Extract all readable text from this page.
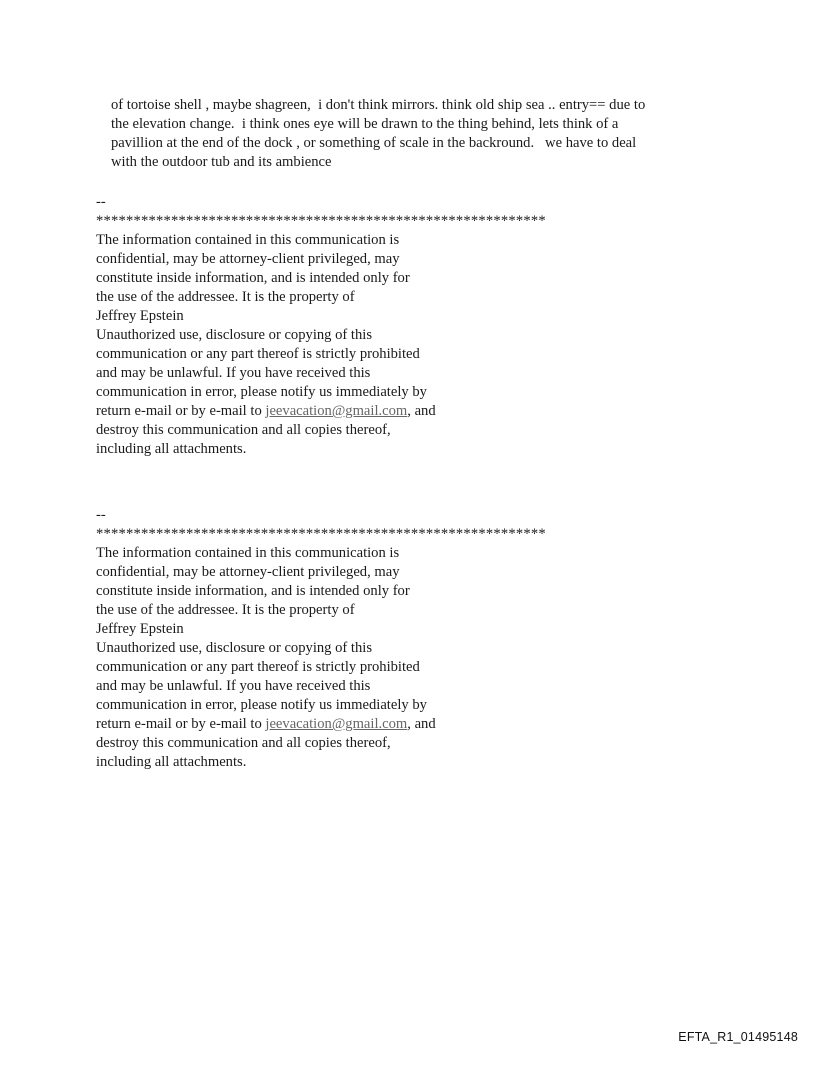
of tortoise shell , maybe shagreen,  i don't think mirrors. think old ship sea .. entry== due to
the elevation change.  i think ones eye will be drawn to the thing behind, lets think of a
pavillion at the end of the dock , or something of scale in the backround.   we have to deal
with the outdoor tub and its ambience
--
************************************************************
The information contained in this communication is
confidential, may be attorney-client privileged, may
constitute inside information, and is intended only for
the use of the addressee. It is the property of
Jeffrey Epstein
Unauthorized use, disclosure or copying of this
communication or any part thereof is strictly prohibited
and may be unlawful. If you have received this
communication in error, please notify us immediately by
return e-mail or by e-mail to jeevacation@gmail.com, and
destroy this communication and all copies thereof,
including all attachments.
--
************************************************************
The information contained in this communication is
confidential, may be attorney-client privileged, may
constitute inside information, and is intended only for
the use of the addressee. It is the property of
Jeffrey Epstein
Unauthorized use, disclosure or copying of this
communication or any part thereof is strictly prohibited
and may be unlawful. If you have received this
communication in error, please notify us immediately by
return e-mail or by e-mail to jeevacation@gmail.com, and
destroy this communication and all copies thereof,
including all attachments.
EFTA_R1_01495148
